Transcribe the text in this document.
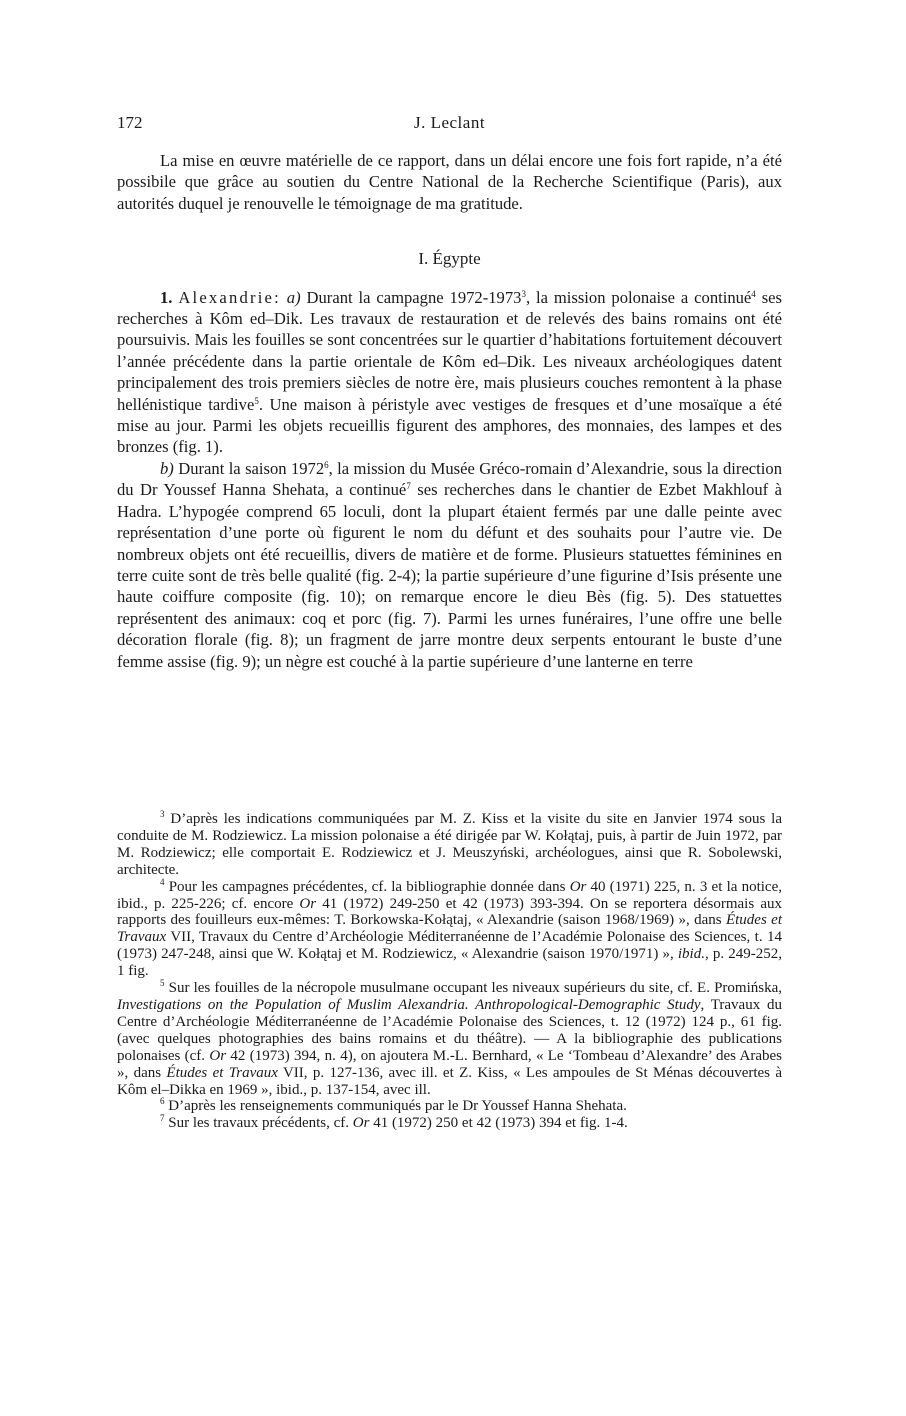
172	J. Leclant

La mise en œuvre matérielle de ce rapport, dans un délai encore une fois fort rapide, n’a été possibile que grâce au soutien du Centre National de la Recherche Scientifique (Paris), aux autorités duquel je renouvelle le témoignage de ma gratitude.

I. Égypte

1. Alexandrie: a) Durant la campagne 1972-1973$^3$, la mission polonaise a continué$^4$ ses recherches à Kôm ed–Dik. Les travaux de restauration et de relevés des bains romains ont été poursuivis. Mais les fouilles se sont concentrées sur le quartier d’habitations fortuitement découvert l’année précédente dans la partie orientale de Kôm ed–Dik. Les niveaux archéologiques datent principalement des trois premiers siècles de notre ère, mais plusieurs couches remontent à la phase hellénistique tardive$^5$. Une maison à péristyle avec vestiges de fresques et d’une mosaïque a été mise au jour. Parmi les objets recueillis figurent des amphores, des monnaies, des lampes et des bronzes (fig. 1).

b) Durant la saison 1972$^6$, la mission du Musée Gréco-romain d’Alexandrie, sous la direction du Dr Youssef Hanna Shehata, a continué$^7$ ses recherches dans le chantier de Ezbet Makhlouf à Hadra. L’hypogée comprend 65 loculi, dont la plupart étaient fermés par une dalle peinte avec représentation d’une porte où figurent le nom du défunt et des souhaits pour l’autre vie. De nombreux objets ont été recueillis, divers de matière et de forme. Plusieurs statuettes féminines en terre cuite sont de très belle qualité (fig. 2-4); la partie supérieure d’une figurine d’Isis présente une haute coiffure composite (fig. 10); on remarque encore le dieu Bès (fig. 5). Des statuettes représentent des animaux: coq et porc (fig. 7). Parmi les urnes funéraires, l’une offre une belle décoration florale (fig. 8); un fragment de jarre montre deux serpents entourant le buste d’une femme assise (fig. 9); un nègre est couché à la partie supérieure d’une lanterne en terre

$^3$ D’après les indications communiquées par M. Z. Kiss et la visite du site en Janvier 1974 sous la conduite de M. Rodziewicz. La mission polonaise a été dirigée par W. Kołątaj, puis, à partir de Juin 1972, par M. Rodziewicz; elle comportait E. Rodziewicz et J. Meuszyński, archéologues, ainsi que R. Sobolewski, architecte.

$^4$ Pour les campagnes précédentes, cf. la bibliographie donnée dans Or 40 (1971) 225, n. 3 et la notice, ibid., p. 225-226; cf. encore Or 41 (1972) 249-250 et 42 (1973) 393-394. On se reportera désormais aux rapports des fouilleurs eux-mêmes: T. Borkowska-Kołątaj, « Alexandrie (saison 1968/1969) », dans Études et Travaux VII, Travaux du Centre d’Archéologie Méditerranéenne de l’Académie Polonaise des Sciences, t. 14 (1973) 247-248, ainsi que W. Kołątaj et M. Rodziewicz, « Alexandrie (saison 1970/1971) », ibid., p. 249-252, 1 fig.

$^5$ Sur les fouilles de la nécropole musulmane occupant les niveaux supérieurs du site, cf. E. Promińska, Investigations on the Population of Muslim Alexandria. Anthropological-Demographic Study, Travaux du Centre d’Archéologie Méditerranéenne de l’Académie Polonaise des Sciences, t. 12 (1972) 124 p., 61 fig. (avec quelques photographies des bains romains et du théâtre). — A la bibliographie des publications polonaises (cf. Or 42 (1973) 394, n. 4), on ajoutera M.-L. Bernhard, « Le ‘Tombeau d’Alexandre’ des Arabes », dans Études et Travaux VII, p. 127-136, avec ill. et Z. Kiss, « Les ampoules de St Ménas découvertes à Kôm el–Dikka en 1969 », ibid., p. 137-154, avec ill.

$^6$ D’après les renseignements communiqués par le Dr Youssef Hanna Shehata.

$^7$ Sur les travaux précédents, cf. Or 41 (1972) 250 et 42 (1973) 394 et fig. 1-4.
